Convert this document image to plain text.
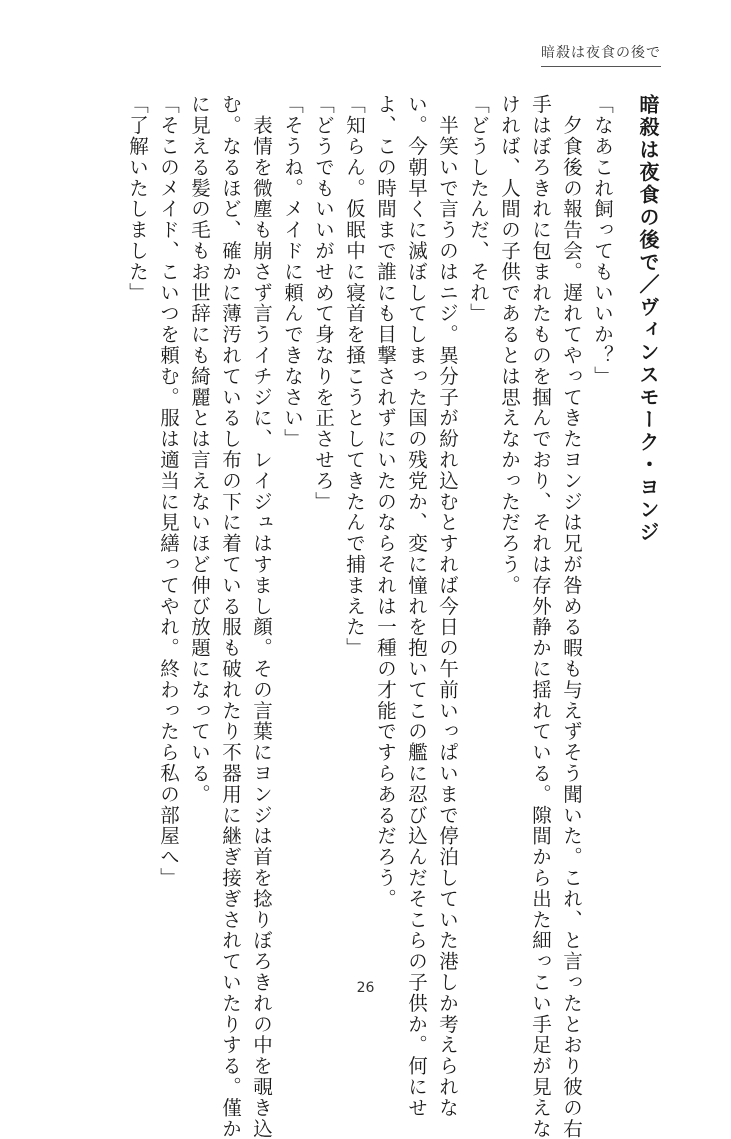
暗殺は夜食の後で
暗殺は夜食の後で／ヴィンスモーク・ヨンジ
「なあこれ飼ってもいいか？」
　夕食後の報告会。遅れてやってきたヨンジは兄が咎める暇も与えずそう聞いた。これ、と言ったとおり彼の右
手はぼろきれに包まれたものを掴んでおり、それは存外静かに揺れている。隙間から出た細っこい手足が見えな
ければ、人間の子供であるとは思えなかっただろう。
「どうしたんだ、それ」
　半笑いで言うのはニジ。異分子が紛れ込むとすれば今日の午前いっぱいまで停泊していた港しか考えられな
い。今朝早くに滅ぼしてしまった国の残党か、変に憧れを抱いてこの艦に忍び込んだそこらの子供か。何にせ
よ、この時間まで誰にも目撃されずにいたのならそれは一種の才能ですらあるだろう。
「知らん。仮眠中に寝首を掻こうとしてきたんで捕まえた」
「どうでもいいがせめて身なりを正させろ」
「そうね。メイドに頼んできなさい」
　表情を微塵も崩さず言うイチジに、レイジュはすまし顔。その言葉にヨンジは首を捻りぼろきれの中を覗き込
む。なるほど、確かに薄汚れているし布の下に着ている服も破れたり不器用に継ぎ接ぎされていたりする。僅か
に見える髪の毛もお世辞にも綺麗とは言えないほど伸び放題になっている。
「そこのメイド、こいつを頼む。服は適当に見繕ってやれ。終わったら私の部屋へ」
「了解いたしました」
26
